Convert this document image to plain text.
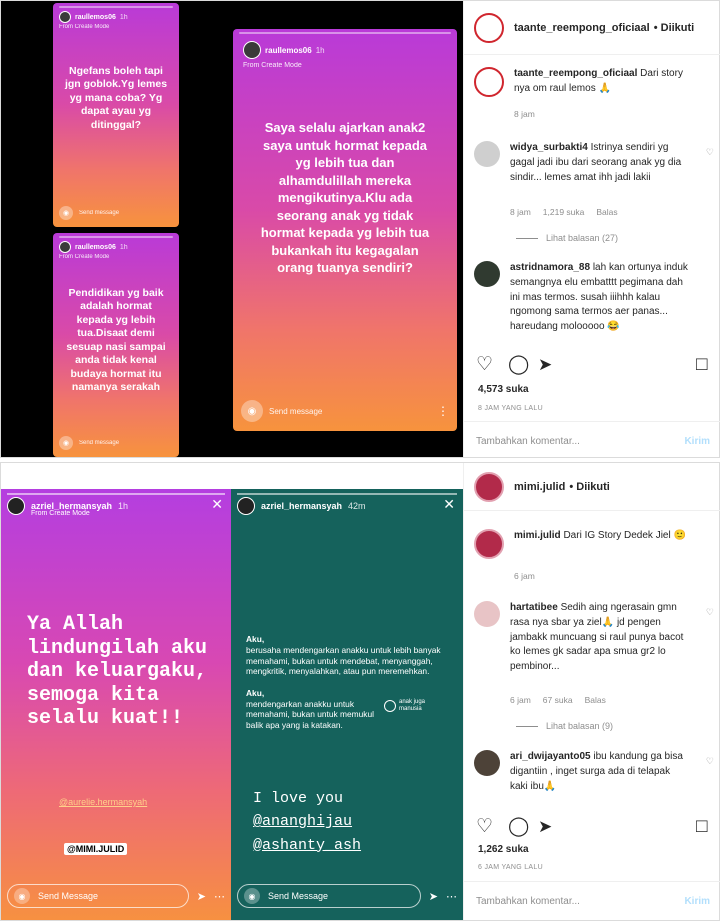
raullemos06 1h
From Create Mode
Ngefans boleh tapi jgn goblok.Yg lemes yg mana coba? Yg dapat ayau yg ditinggal?
◉	Send message
raullemos06 1h
From Create Mode
Pendidikan yg baik adalah hormat kepada yg lebih tua.Disaat demi sesuap nasi sampai anda tidak kenal budaya hormat itu namanya serakah
◉	Send message
raullemos06 1h
From Create Mode
Saya selalu ajarkan anak2 saya untuk hormat kepada yg lebih tua dan alhamdulillah mereka mengikutinya.Klu ada seorang anak yg tidak hormat kepada yg lebih tua bukankah itu kegagalan orang tuanya sendiri?
◉	Send message	⋮
taante_reempong_oficiaal • Diikuti
taante_reempong_oficiaal Dari story nya om raul lemos 🙏
8 jam
widya_surbakti4 Istrinya sendiri yg gagal jadi ibu dari seorang anak yg dia sindir... lemes amat ihh jadi lakii
♡
8 jam 1,219 suka Balas
Lihat balasan (27)
astridnamora_88 lah kan ortunya induk semangnya elu embatttt pegimana dah ini mas termos. susah iiihhh kalau ngomong sama termos aer panas... hareudang molooooo 😂
♡ ◯ ➤	□
4,573 suka
8 JAM YANG LALU
Tambahkan komentar...
Kirim
azriel_hermansyah 1h
From Create Mode
✕
Ya Allah lindungilah aku dan keluargaku, semoga kita selalu kuat!!
@aurelie.hermansyah
@MIMI.JULID
◉	Send Message	➤ ⋯
azriel_hermansyah 42m	✕
Aku,
berusaha mendengarkan anakku untuk lebih banyak memahami, bukan untuk mendebat, menyanggah, mengkritik, menyalahkan, atau pun meremehkan.

Aku,
mendengarkan anakku untuk memahami, bukan untuk memukul balik apa yang ia katakan.
anak juga manusia
I love you
@ananghijau
@ashanty_ash
◉	Send Message	➤ ⋯
mimi.julid • Diikuti
mimi.julid Dari IG Story Dedek Jiel 🙂
6 jam
hartatibee Sedih aing ngerasain gmn rasa nya sbar ya ziel🙏 jd pengen jambakk muncuang si raul punya bacot ko lemes gk sadar apa smua gr2 lo pembinor...
♡
6 jam 67 suka Balas
Lihat balasan (9)
ari_dwijayanto05 ibu kandung ga bisa digantiin , inget surga ada di telapak kaki ibu🙏
♡
♡ ◯ ➤	□
1,262 suka
6 JAM YANG LALU
Tambahkan komentar...
Kirim
